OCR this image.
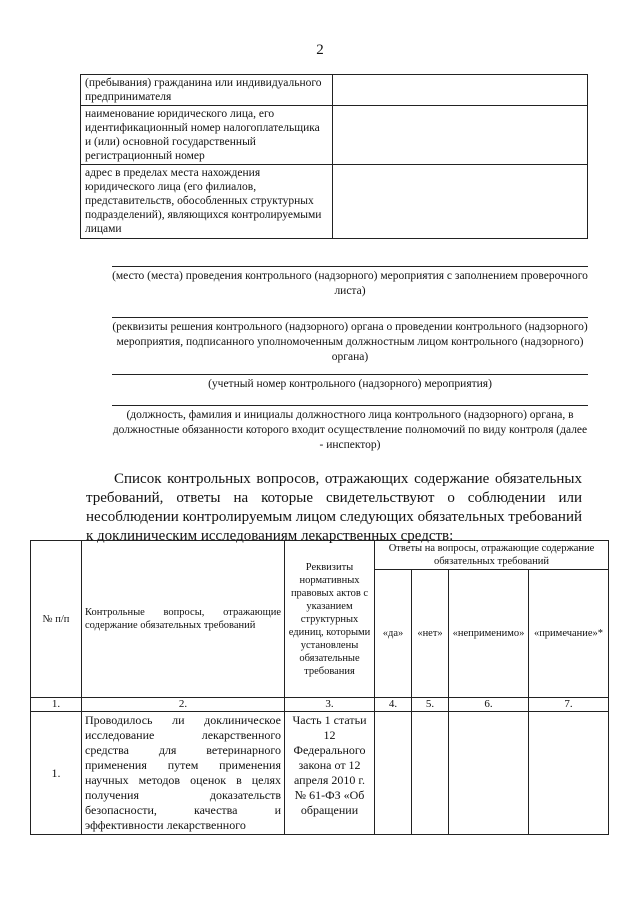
2
(пребывания) гражданина или индивидуального предпринимателя	
наименование юридического лица, его идентификационный номер налогоплательщика и (или) основной государственный регистрационный номер	
адрес в пределах места нахождения юридического лица (его филиалов, представительств, обособленных структурных подразделений), являющихся контролируемыми лицами	
(место (места) проведения контрольного (надзорного) мероприятия с заполнением проверочного листа)
(реквизиты решения контрольного (надзорного) органа о проведении контрольного (надзорного) мероприятия, подписанного уполномоченным должностным лицом контрольного (надзорного) органа)
(учетный номер контрольного (надзорного) мероприятия)
(должность, фамилия и инициалы должностного лица контрольного (надзорного) органа, в должностные обязанности которого входит осуществление полномочий по виду контроля (далее - инспектор)
Список контрольных вопросов, отражающих содержание обязательных требований, ответы на которые свидетельствуют о соблюдении или несоблюдении контролируемым лицом следующих обязательных требований к доклиническим исследованиям лекарственных средств:
№ п/п	Контрольные вопросы, отражающие содержание обязательных требований	Реквизиты нормативных правовых актов с указанием структурных единиц, которыми установлены обязательные требования	Ответы на вопросы, отражающие содержание обязательных требований			
			«да»	«нет»	«неприменимо»	«примечание»*
1.	2.	3.	4.	5.	6.	7.
1.	Проводилось ли доклиническое исследование лекарственного средства для ветеринарного применения путем применения научных методов оценок в целях получения доказательств безопасности, качества и эффективности лекарственного	Часть 1 статьи 12 Федерального закона от 12 апреля 2010 г. № 61-ФЗ «Об обращении				
